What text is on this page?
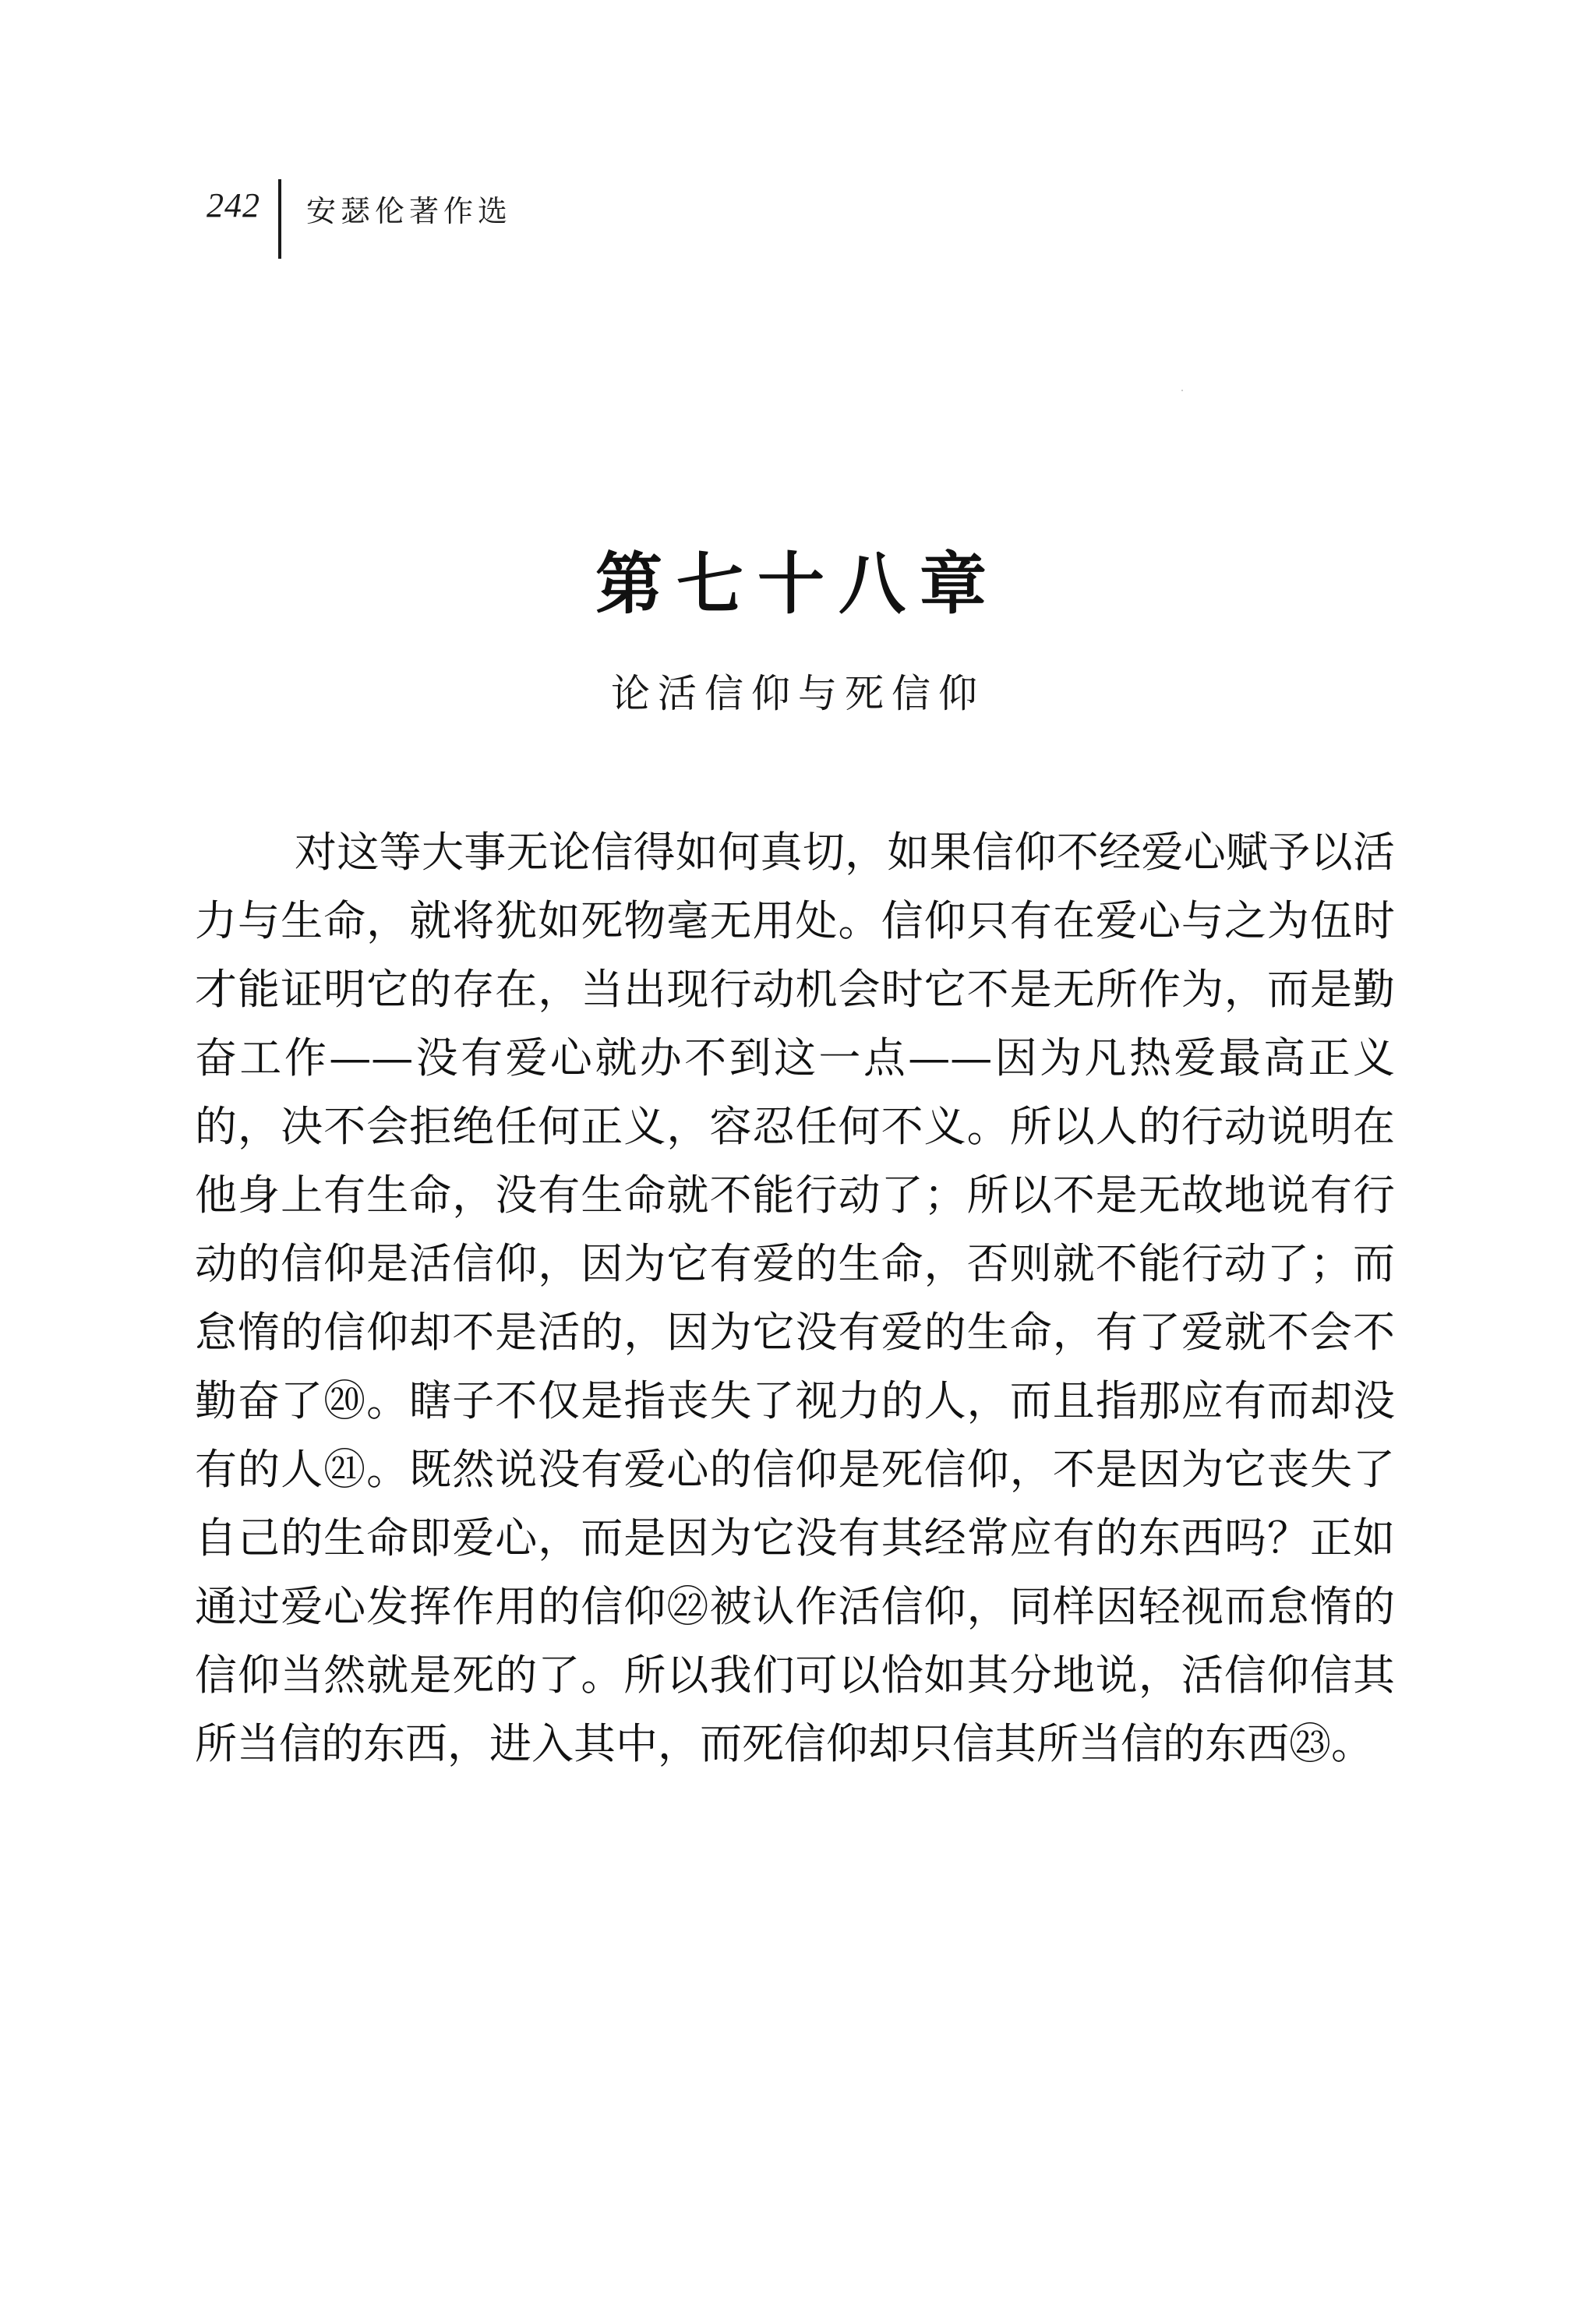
242 安瑟伦著作选
第七十八章
论活信仰与死信仰

对这等大事无论信得如何真切，如果信仰不经爱心赋予以活力与生命，就将犹如死物毫无用处。信仰只有在爱心与之为伍时才能证明它的存在，当出现行动机会时它不是无所作为，而是勤奋工作——没有爱心就办不到这一点——因为凡热爱最高正义的，决不会拒绝任何正义，容忍任何不义。所以人的行动说明在他身上有生命，没有生命就不能行动了；所以不是无故地说有行动的信仰是活信仰，因为它有爱的生命，否则就不能行动了；而怠惰的信仰却不是活的，因为它没有爱的生命，有了爱就不会不勤奋了⑳。瞎子不仅是指丧失了视力的人，而且指那应有而却没有的人㉑。既然说没有爱心的信仰是死信仰，不是因为它丧失了自己的生命即爱心，而是因为它没有其经常应有的东西吗？正如通过爱心发挥作用的信仰㉒被认作活信仰，同样因轻视而怠惰的信仰当然就是死的了。所以我们可以恰如其分地说，活信仰信其所当信的东西，进入其中，而死信仰却只信其所当信的东西㉓。
